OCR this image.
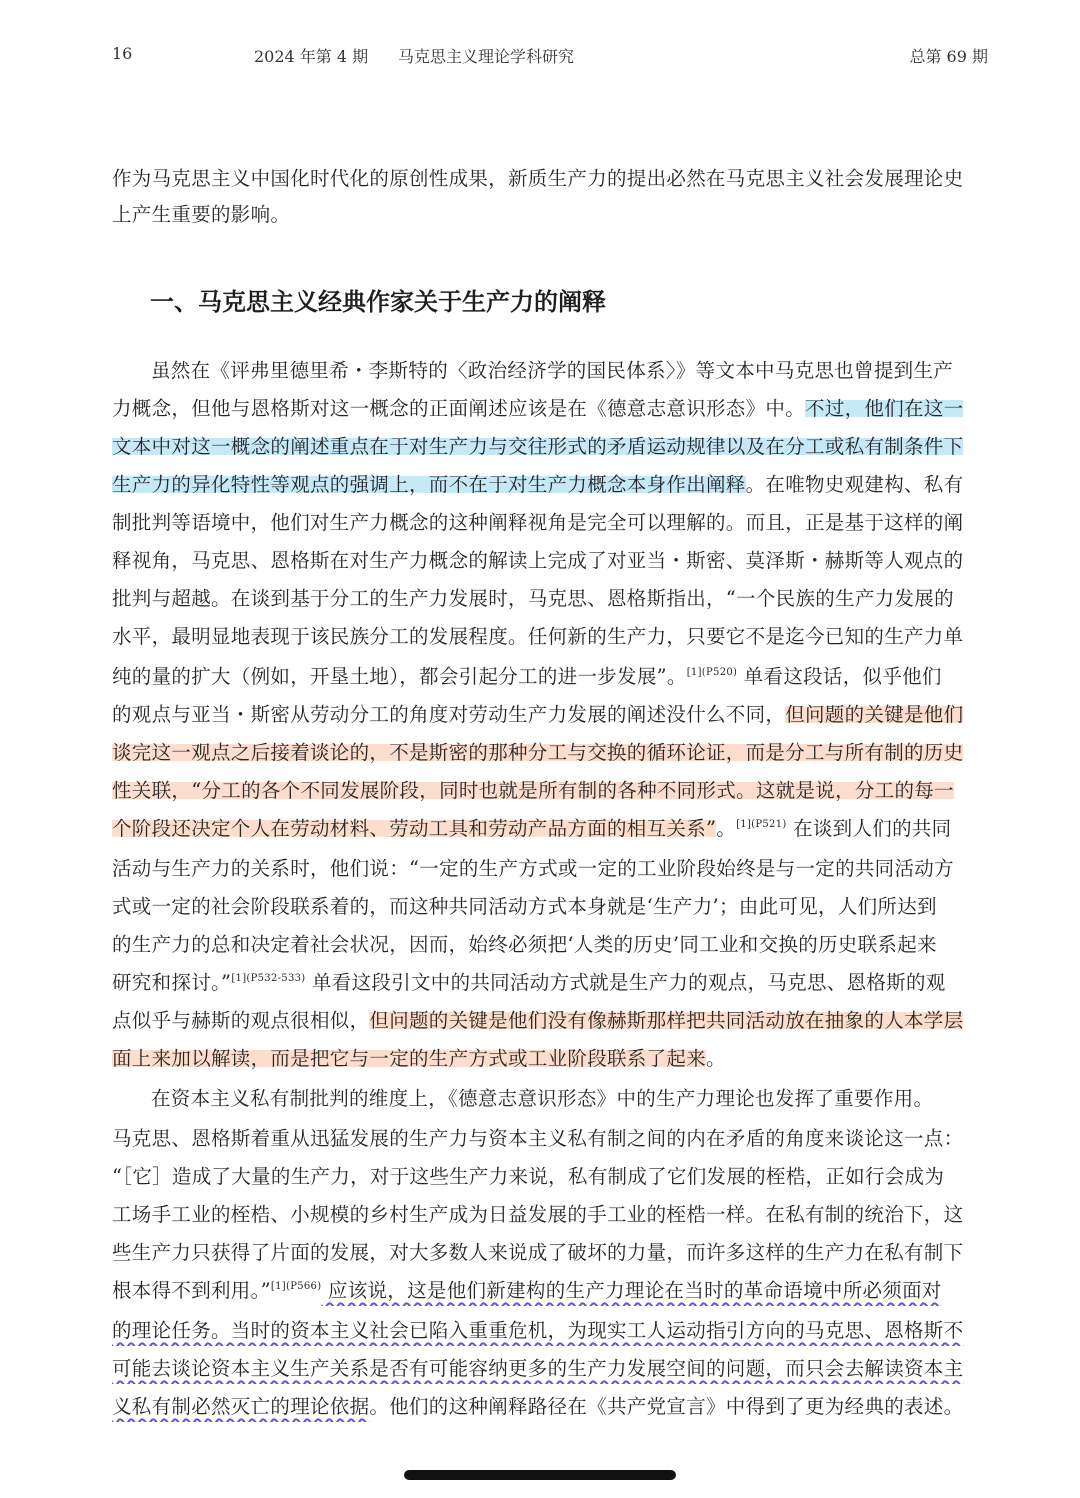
16	2024 年第 4 期 马克思主义理论学科研究	总第 69 期
作为马克思主义中国化时代化的原创性成果，新质生产力的提出必然在马克思主义社会发展理论史
上产生重要的影响。
一、马克思主义经典作家关于生产力的阐释
虽然在《评弗里德里希・李斯特的〈政治经济学的国民体系〉》等文本中马克思也曾提到生产
力概念，但他与恩格斯对这一概念的正面阐述应该是在《德意志意识形态》中。不过，他们在这一
文本中对这一概念的阐述重点在于对生产力与交往形式的矛盾运动规律以及在分工或私有制条件下
生产力的异化特性等观点的强调上，而不在于对生产力概念本身作出阐释。在唯物史观建构、私有
制批判等语境中，他们对生产力概念的这种阐释视角是完全可以理解的。而且，正是基于这样的阐
释视角，马克思、恩格斯在对生产力概念的解读上完成了对亚当・斯密、莫泽斯・赫斯等人观点的
批判与超越。在谈到基于分工的生产力发展时，马克思、恩格斯指出，“一个民族的生产力发展的
水平，最明显地表现于该民族分工的发展程度。任何新的生产力，只要它不是迄今已知的生产力单
纯的量的扩大（例如，开垦土地），都会引起分工的进一步发展”。$^{[1](P520)}$ 单看这段话，似乎他们
的观点与亚当・斯密从劳动分工的角度对劳动生产力发展的阐述没什么不同，但问题的关键是他们
谈完这一观点之后接着谈论的，不是斯密的那种分工与交换的循环论证，而是分工与所有制的历史
性关联，“分工的各个不同发展阶段，同时也就是所有制的各种不同形式。这就是说，分工的每一
个阶段还决定个人在劳动材料、劳动工具和劳动产品方面的相互关系”。$^{[1](P521)}$ 在谈到人们的共同
活动与生产力的关系时，他们说：“一定的生产方式或一定的工业阶段始终是与一定的共同活动方
式或一定的社会阶段联系着的，而这种共同活动方式本身就是‘生产力’；由此可见，人们所达到
的生产力的总和决定着社会状况，因而，始终必须把‘人类的历史’同工业和交换的历史联系起来
研究和探讨。”$^{[1](P532-533)}$ 单看这段引文中的共同活动方式就是生产力的观点，马克思、恩格斯的观
点似乎与赫斯的观点很相似，但问题的关键是他们没有像赫斯那样把共同活动放在抽象的人本学层
面上来加以解读，而是把它与一定的生产方式或工业阶段联系了起来。
在资本主义私有制批判的维度上，《德意志意识形态》中的生产力理论也发挥了重要作用。
马克思、恩格斯着重从迅猛发展的生产力与资本主义私有制之间的内在矛盾的角度来谈论这一点：
“［它］造成了大量的生产力，对于这些生产力来说，私有制成了它们发展的桎梏，正如行会成为
工场手工业的桎梏、小规模的乡村生产成为日益发展的手工业的桎梏一样。在私有制的统治下，这
些生产力只获得了片面的发展，对大多数人来说成了破坏的力量，而许多这样的生产力在私有制下
根本得不到利用。”$^{[1](P566)}$ 应该说，这是他们新建构的生产力理论在当时的革命语境中所必须面对
的理论任务。当时的资本主义社会已陷入重重危机，为现实工人运动指引方向的马克思、恩格斯不
可能去谈论资本主义生产关系是否有可能容纳更多的生产力发展空间的问题，而只会去解读资本主
义私有制必然灭亡的理论依据。他们的这种阐释路径在《共产党宣言》中得到了更为经典的表述。
